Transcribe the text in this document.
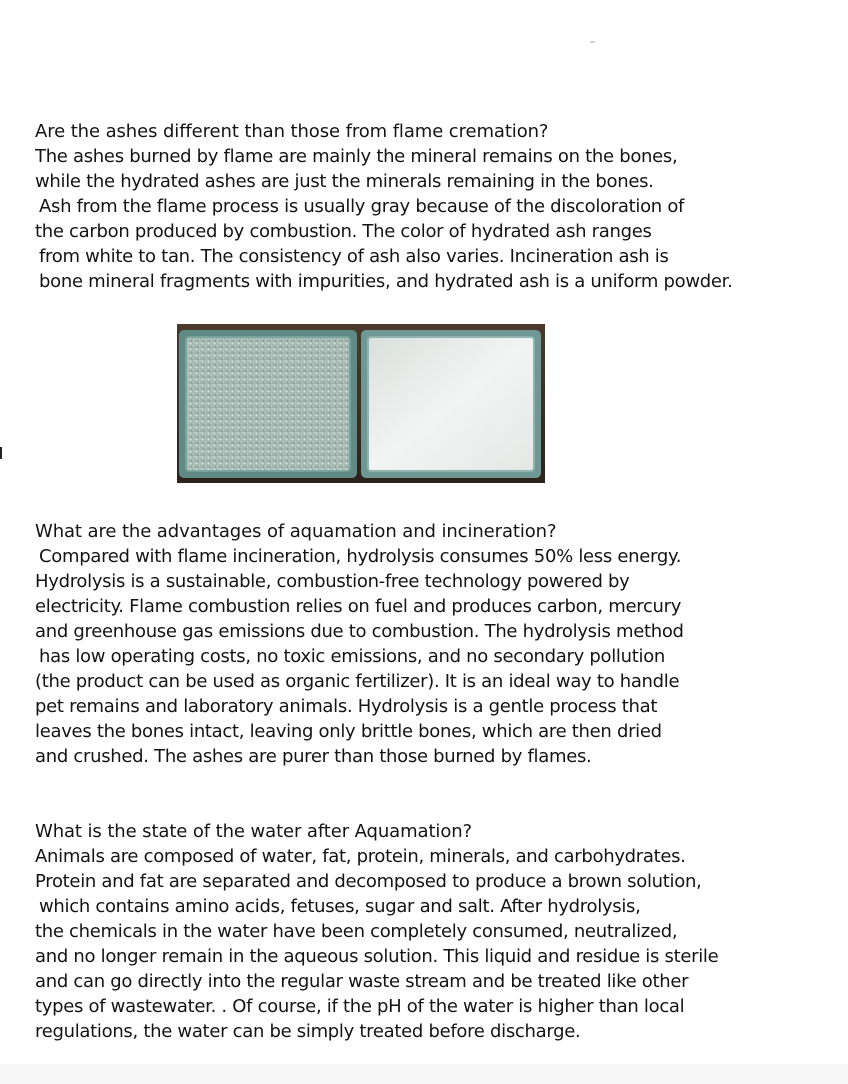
Are the ashes different than those from flame cremation?

The ashes burned by flame are mainly the mineral remains on the bones,
while the hydrated ashes are just the minerals remaining in the bones.
Ash from the flame process is usually gray because of the discoloration of
the carbon produced by combustion. The color of hydrated ash ranges
from white to tan. The consistency of ash also varies. Incineration ash is
bone mineral fragments with impurities, and hydrated ash is a uniform powder.

What are the advantages of aquamation and incineration?

Compared with flame incineration, hydrolysis consumes 50% less energy.
Hydrolysis is a sustainable, combustion-free technology powered by
electricity. Flame combustion relies on fuel and produces carbon, mercury
and greenhouse gas emissions due to combustion. The hydrolysis method
has low operating costs, no toxic emissions, and no secondary pollution
(the product can be used as organic fertilizer). It is an ideal way to handle
pet remains and laboratory animals. Hydrolysis is a gentle process that
leaves the bones intact, leaving only brittle bones, which are then dried
and crushed. The ashes are purer than those burned by flames.

What is the state of the water after Aquamation?

Animals are composed of water, fat, protein, minerals, and carbohydrates.
Protein and fat are separated and decomposed to produce a brown solution,
which contains amino acids, fetuses, sugar and salt. After hydrolysis,
the chemicals in the water have been completely consumed, neutralized,
and no longer remain in the aqueous solution. This liquid and residue is sterile
and can go directly into the regular waste stream and be treated like other
types of wastewater. . Of course, if the pH of the water is higher than local
regulations, the water can be simply treated before discharge.
